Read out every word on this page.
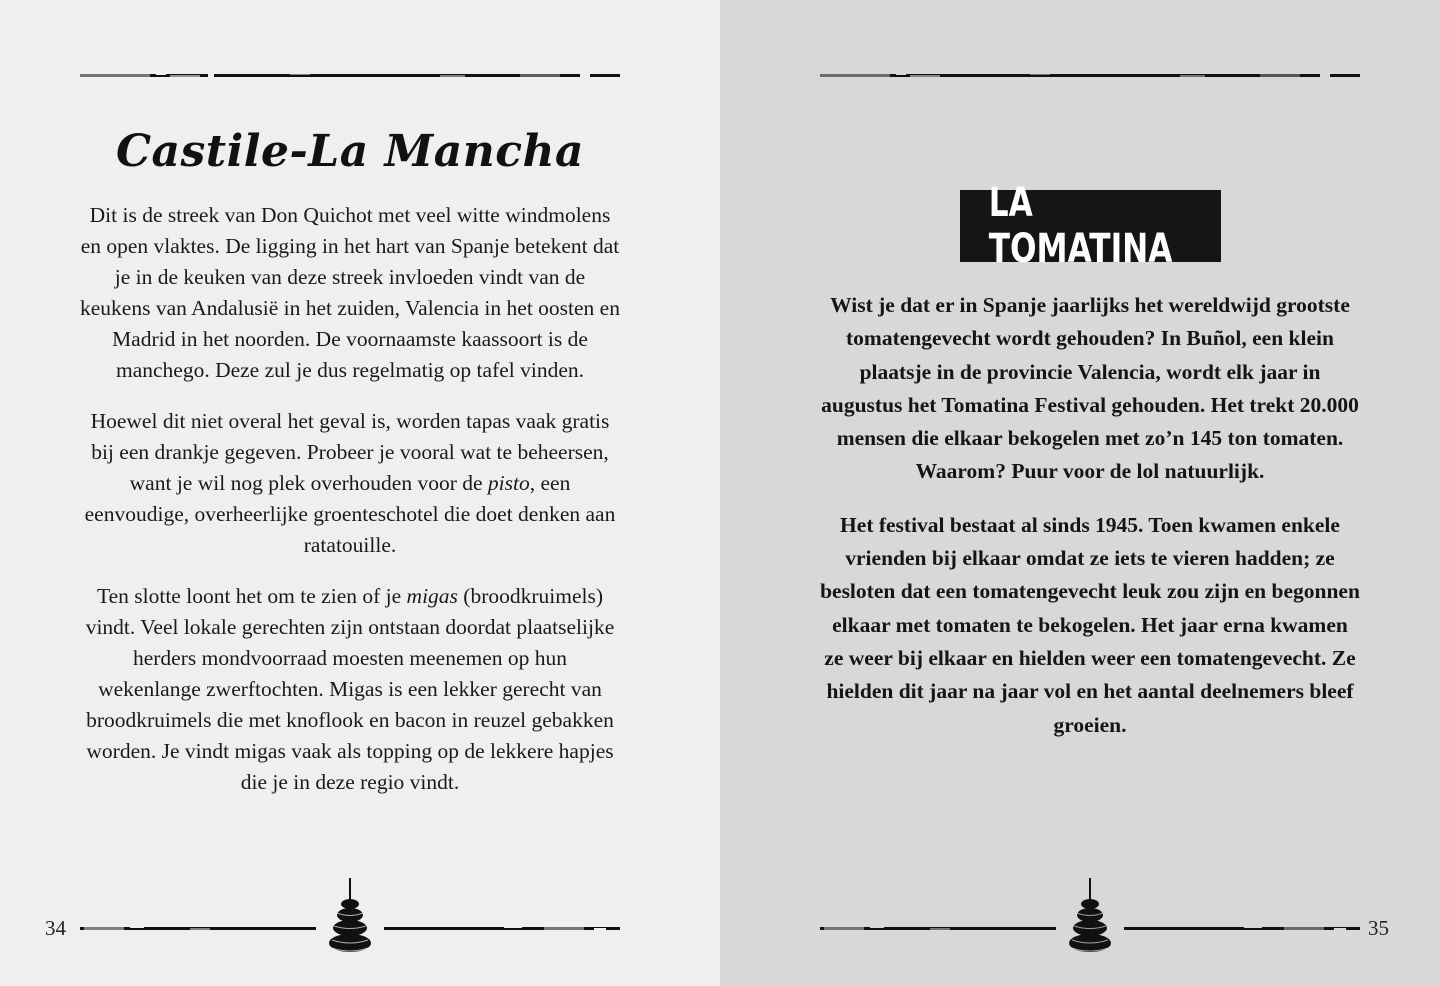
Castile-La Mancha

Dit is de streek van Don Quichot met veel witte windmolens en open vlaktes. De ligging in het hart van Spanje betekent dat je in de keuken van deze streek invloeden vindt van de keukens van Andalusië in het zuiden, Valencia in het oosten en Madrid in het noorden. De voornaamste kaassoort is de manchego. Deze zul je dus regelmatig op tafel vinden.

Hoewel dit niet overal het geval is, worden tapas vaak gratis bij een drankje gegeven. Probeer je vooral wat te beheersen, want je wil nog plek overhouden voor de pisto, een eenvoudige, overheerlijke groenteschotel die doet denken aan ratatouille.

Ten slotte loont het om te zien of je migas (broodkruimels) vindt. Veel lokale gerechten zijn ontstaan doordat plaatselijke herders mondvoorraad moesten meenemen op hun wekenlange zwerftochten. Migas is een lekker gerecht van broodkruimels die met knoflook en bacon in reuzel gebakken worden. Je vindt migas vaak als topping op de lekkere hapjes die je in deze regio vindt.

34	35
LA TOMATINA

Wist je dat er in Spanje jaarlijks het wereldwijd grootste tomatengevecht wordt gehouden? In Buñol, een klein plaatsje in de provincie Valencia, wordt elk jaar in augustus het Tomatina Festival gehouden. Het trekt 20.000 mensen die elkaar bekogelen met zo’n 145 ton tomaten. Waarom? Puur voor de lol natuurlijk.

Het festival bestaat al sinds 1945. Toen kwamen enkele vrienden bij elkaar omdat ze iets te vieren hadden; ze besloten dat een tomatengevecht leuk zou zijn en begonnen elkaar met tomaten te bekogelen. Het jaar erna kwamen ze weer bij elkaar en hielden weer een tomatengevecht. Ze hielden dit jaar na jaar vol en het aantal deelnemers bleef groeien.
